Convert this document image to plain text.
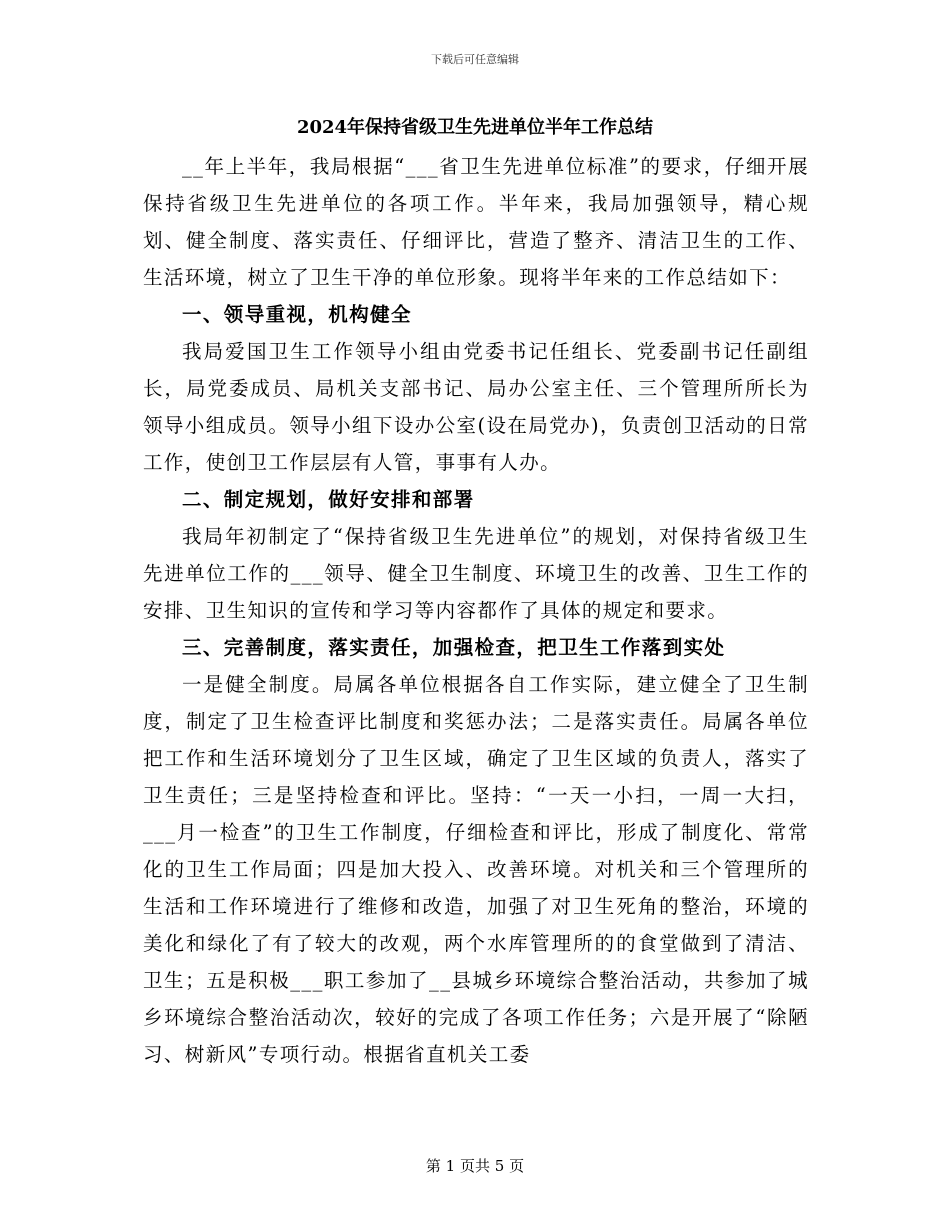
下载后可任意编辑
2024年保持省级卫生先进单位半年工作总结

__年上半年，我局根据“___省卫生先进单位标准”的要求，仔细开展保持省级卫生先进单位的各项工作。半年来，我局加强领导，精心规划、健全制度、落实责任、仔细评比，营造了整齐、清洁卫生的工作、生活环境，树立了卫生干净的单位形象。现将半年来的工作总结如下：

一、领导重视，机构健全

我局爱国卫生工作领导小组由党委书记任组长、党委副书记任副组长，局党委成员、局机关支部书记、局办公室主任、三个管理所所长为领导小组成员。领导小组下设办公室(设在局党办)，负责创卫活动的日常工作，使创卫工作层层有人管，事事有人办。

二、制定规划，做好安排和部署

我局年初制定了“保持省级卫生先进单位”的规划，对保持省级卫生先进单位工作的___领导、健全卫生制度、环境卫生的改善、卫生工作的安排、卫生知识的宣传和学习等内容都作了具体的规定和要求。

三、完善制度，落实责任，加强检查，把卫生工作落到实处

一是健全制度。局属各单位根据各自工作实际，建立健全了卫生制度，制定了卫生检查评比制度和奖惩办法；二是落实责任。局属各单位把工作和生活环境划分了卫生区域，确定了卫生区域的负责人，落实了卫生责任；三是坚持检查和评比。坚持：“一天一小扫，一周一大扫，___月一检查”的卫生工作制度，仔细检查和评比，形成了制度化、常常化的卫生工作局面；四是加大投入、改善环境。对机关和三个管理所的生活和工作环境进行了维修和改造，加强了对卫生死角的整治，环境的美化和绿化了有了较大的改观，两个水库管理所的的食堂做到了清洁、卫生；五是积极___职工参加了__县城乡环境综合整治活动，共参加了城乡环境综合整治活动次，较好的完成了各项工作任务；六是开展了“除陋习、树新风”专项行动。根据省直机关工委

第 1 页共 5 页
